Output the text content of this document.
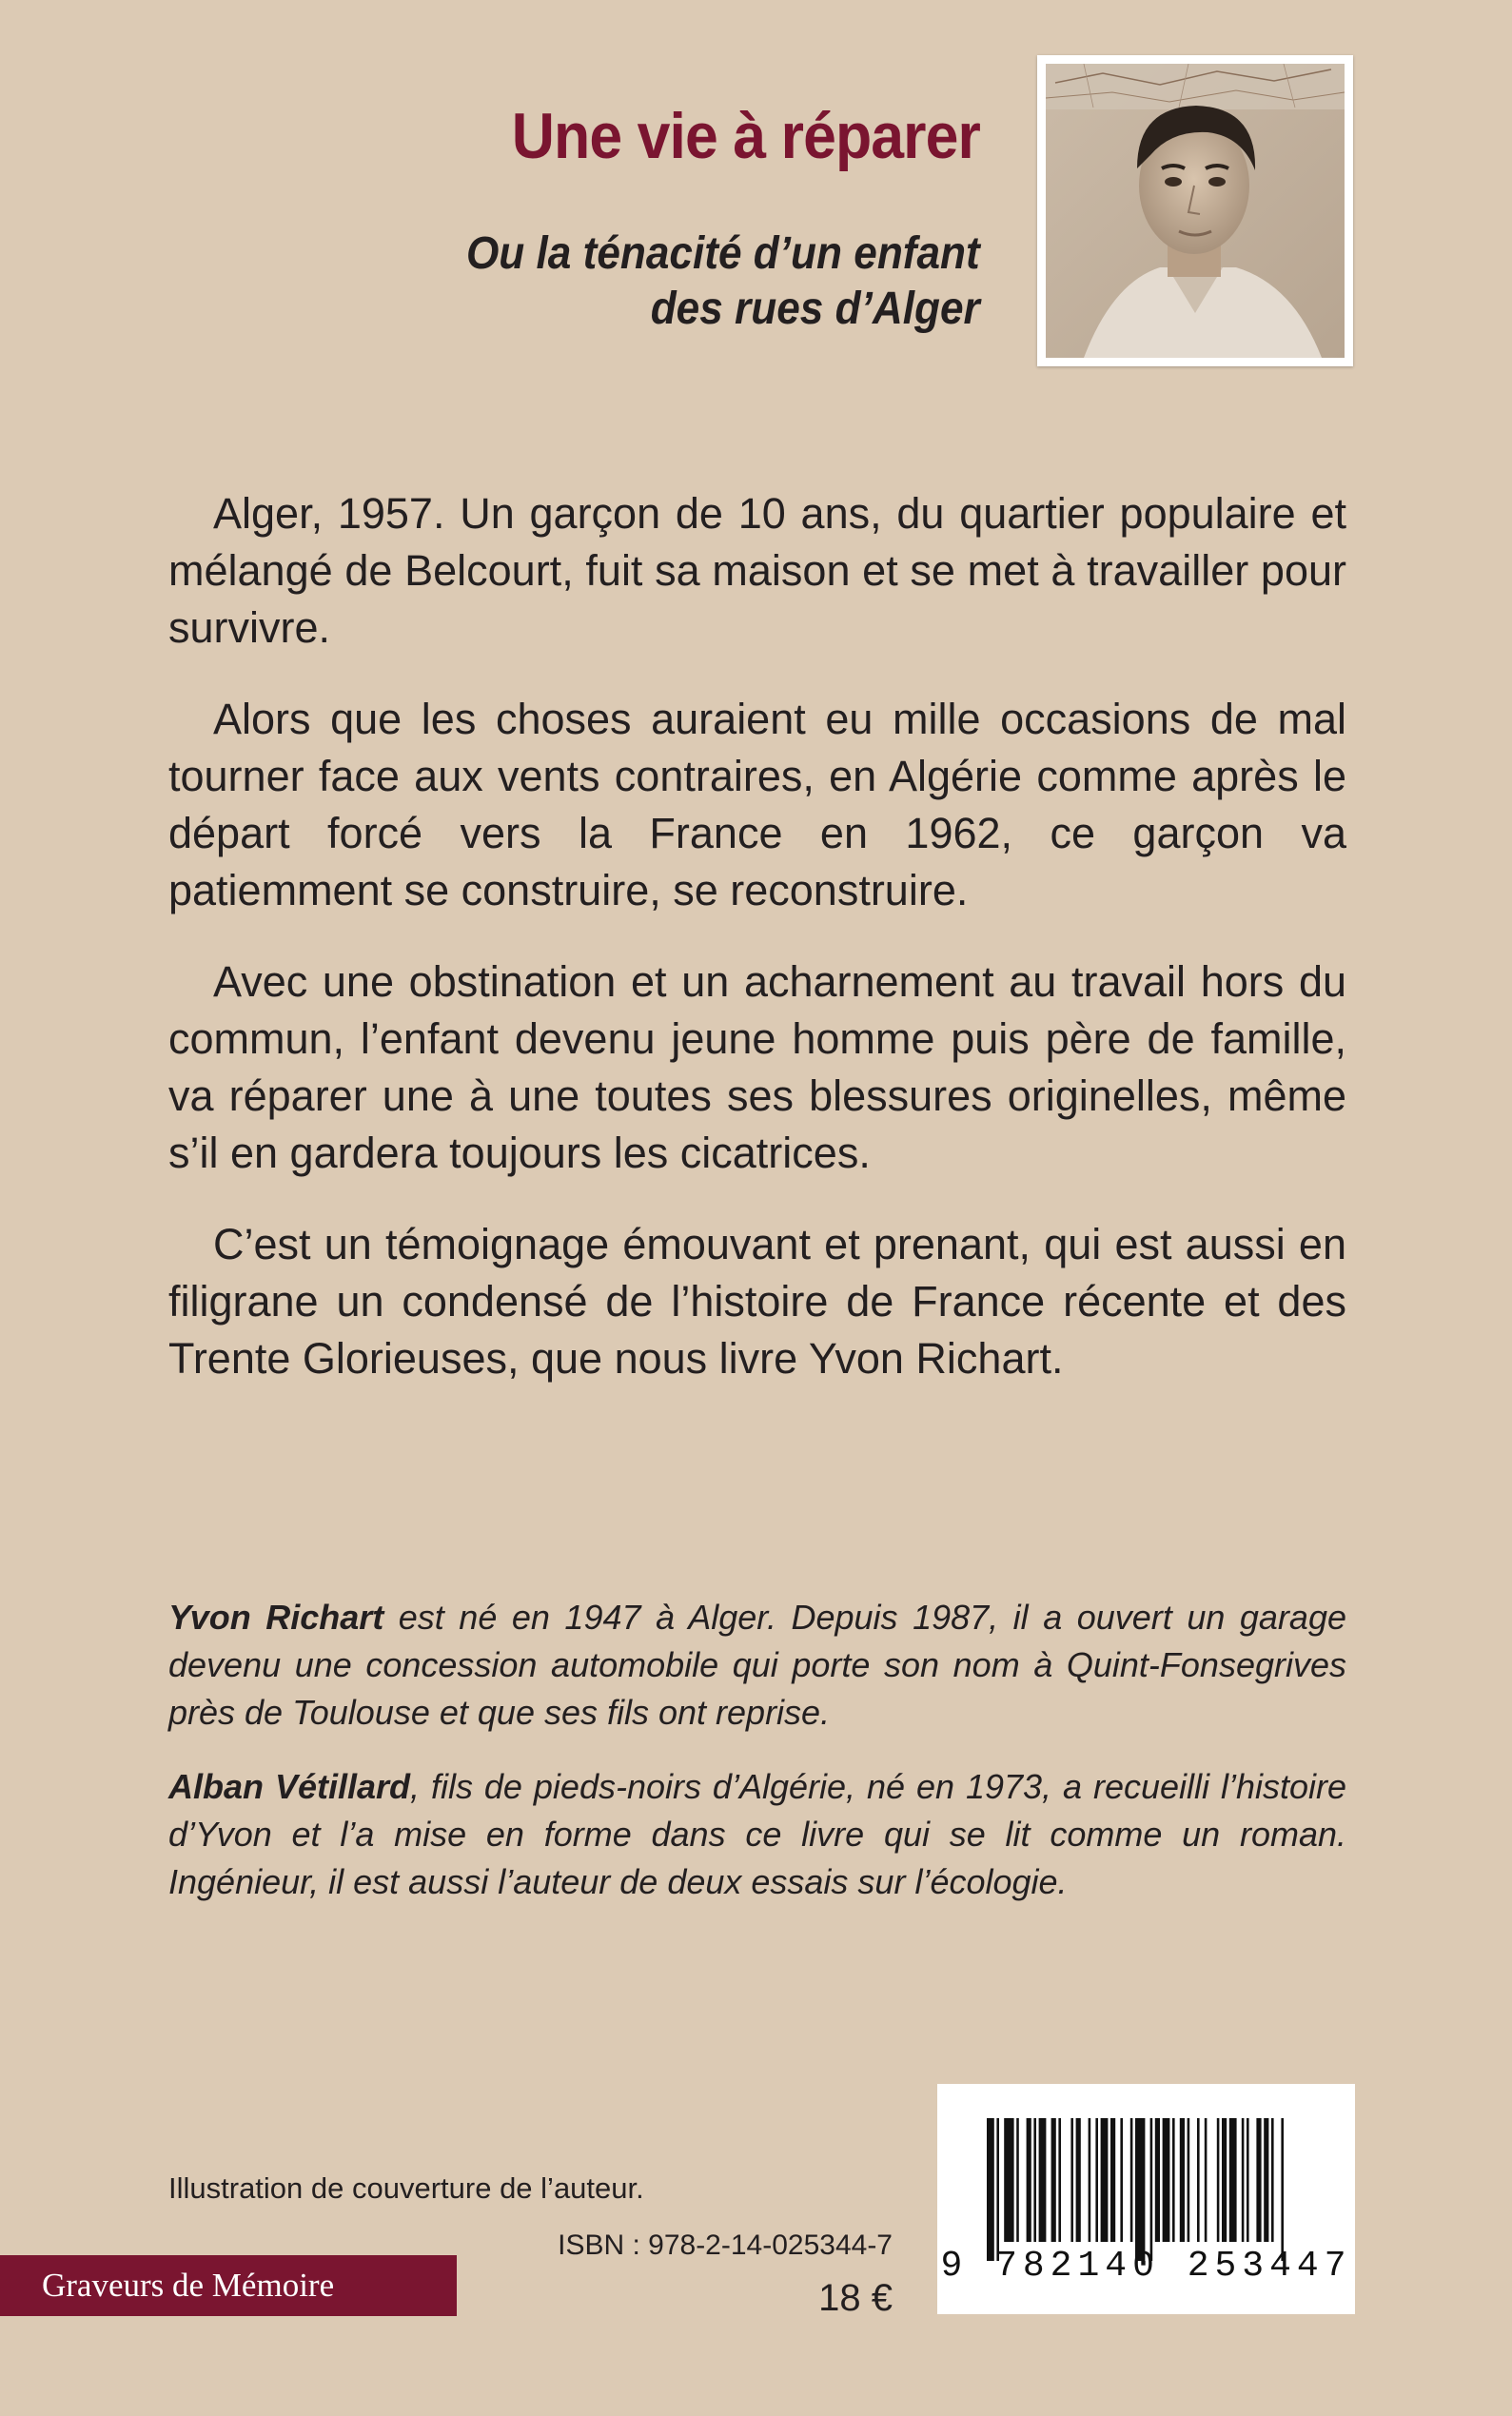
Une vie à réparer
Ou la ténacité d’un enfant
des rues d’Alger

Alger, 1957. Un garçon de 10 ans, du quartier populaire et mélangé de Belcourt, fuit sa maison et se met à travailler pour survivre.

Alors que les choses auraient eu mille occasions de mal tourner face aux vents contraires, en Algérie comme après le départ forcé vers la France en 1962, ce garçon va patiemment se construire, se reconstruire.

Avec une obstination et un acharnement au travail hors du commun, l’enfant devenu jeune homme puis père de famille, va réparer une à une toutes ses blessures originelles, même s’il en gardera toujours les cicatrices.

C’est un témoignage émouvant et prenant, qui est aussi en filigrane un condensé de l’histoire de France récente et des Trente Glorieuses, que nous livre Yvon Richart.

Yvon Richart est né en 1947 à Alger. Depuis 1987, il a ouvert un garage devenu une concession automobile qui porte son nom à Quint-Fonsegrives près de Toulouse et que ses fils ont reprise.

Alban Vétillard, fils de pieds-noirs d’Algérie, né en 1973, a recueilli l’histoire d’Yvon et l’a mise en forme dans ce livre qui se lit comme un roman. Ingénieur, il est aussi l’auteur de deux essais sur l’écologie.

Illustration de couverture de l’auteur.

Graveurs de Mémoire

ISBN : 978-2-14-025344-7

18 €

9 782140 253447
